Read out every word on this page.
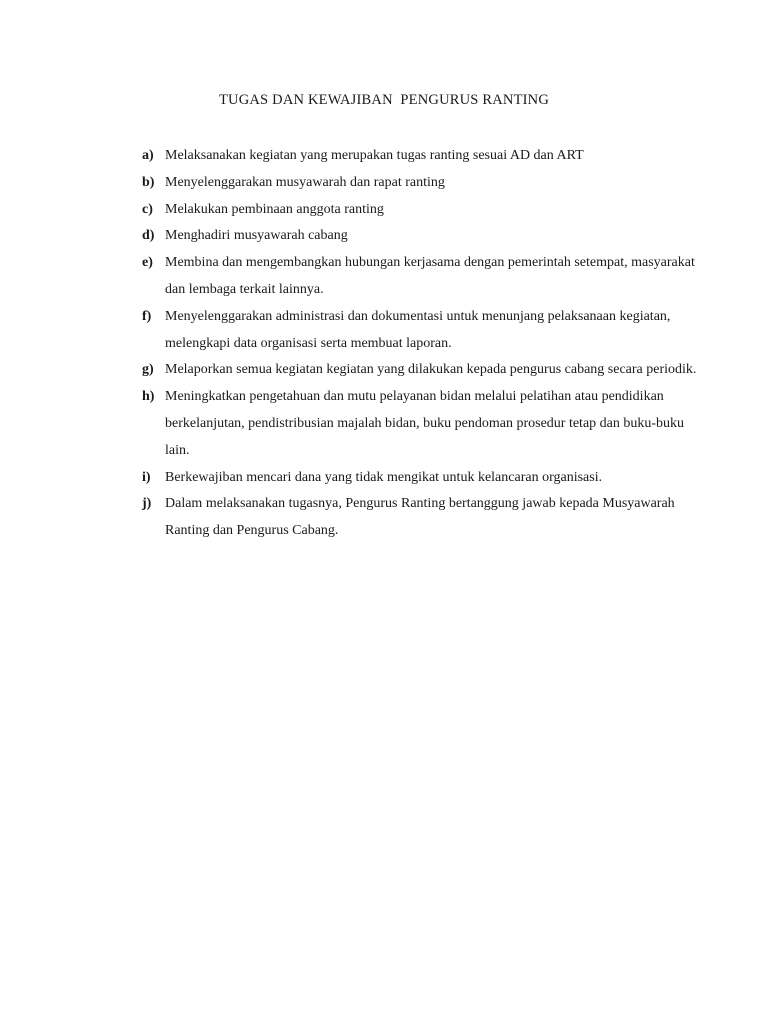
TUGAS DAN KEWAJIBAN  PENGURUS RANTING
a) Melaksanakan kegiatan yang merupakan tugas ranting sesuai AD dan ART
b) Menyelenggarakan musyawarah dan rapat ranting
c) Melakukan pembinaan anggota ranting
d) Menghadiri musyawarah cabang
e) Membina dan mengembangkan hubungan kerjasama dengan pemerintah setempat, masyarakat dan lembaga terkait lainnya.
f) Menyelenggarakan administrasi dan dokumentasi untuk menunjang pelaksanaan kegiatan, melengkapi data organisasi serta membuat laporan.
g) Melaporkan semua kegiatan kegiatan yang dilakukan kepada pengurus cabang secara periodik.
h) Meningkatkan pengetahuan dan mutu pelayanan bidan melalui pelatihan atau pendidikan berkelanjutan, pendistribusian majalah bidan, buku pendoman prosedur tetap dan buku-buku lain.
i)	Berkewajiban mencari dana yang tidak mengikat untuk kelancaran organisasi.
j) Dalam melaksanakan tugasnya, Pengurus Ranting bertanggung jawab kepada Musyawarah Ranting dan Pengurus Cabang.
